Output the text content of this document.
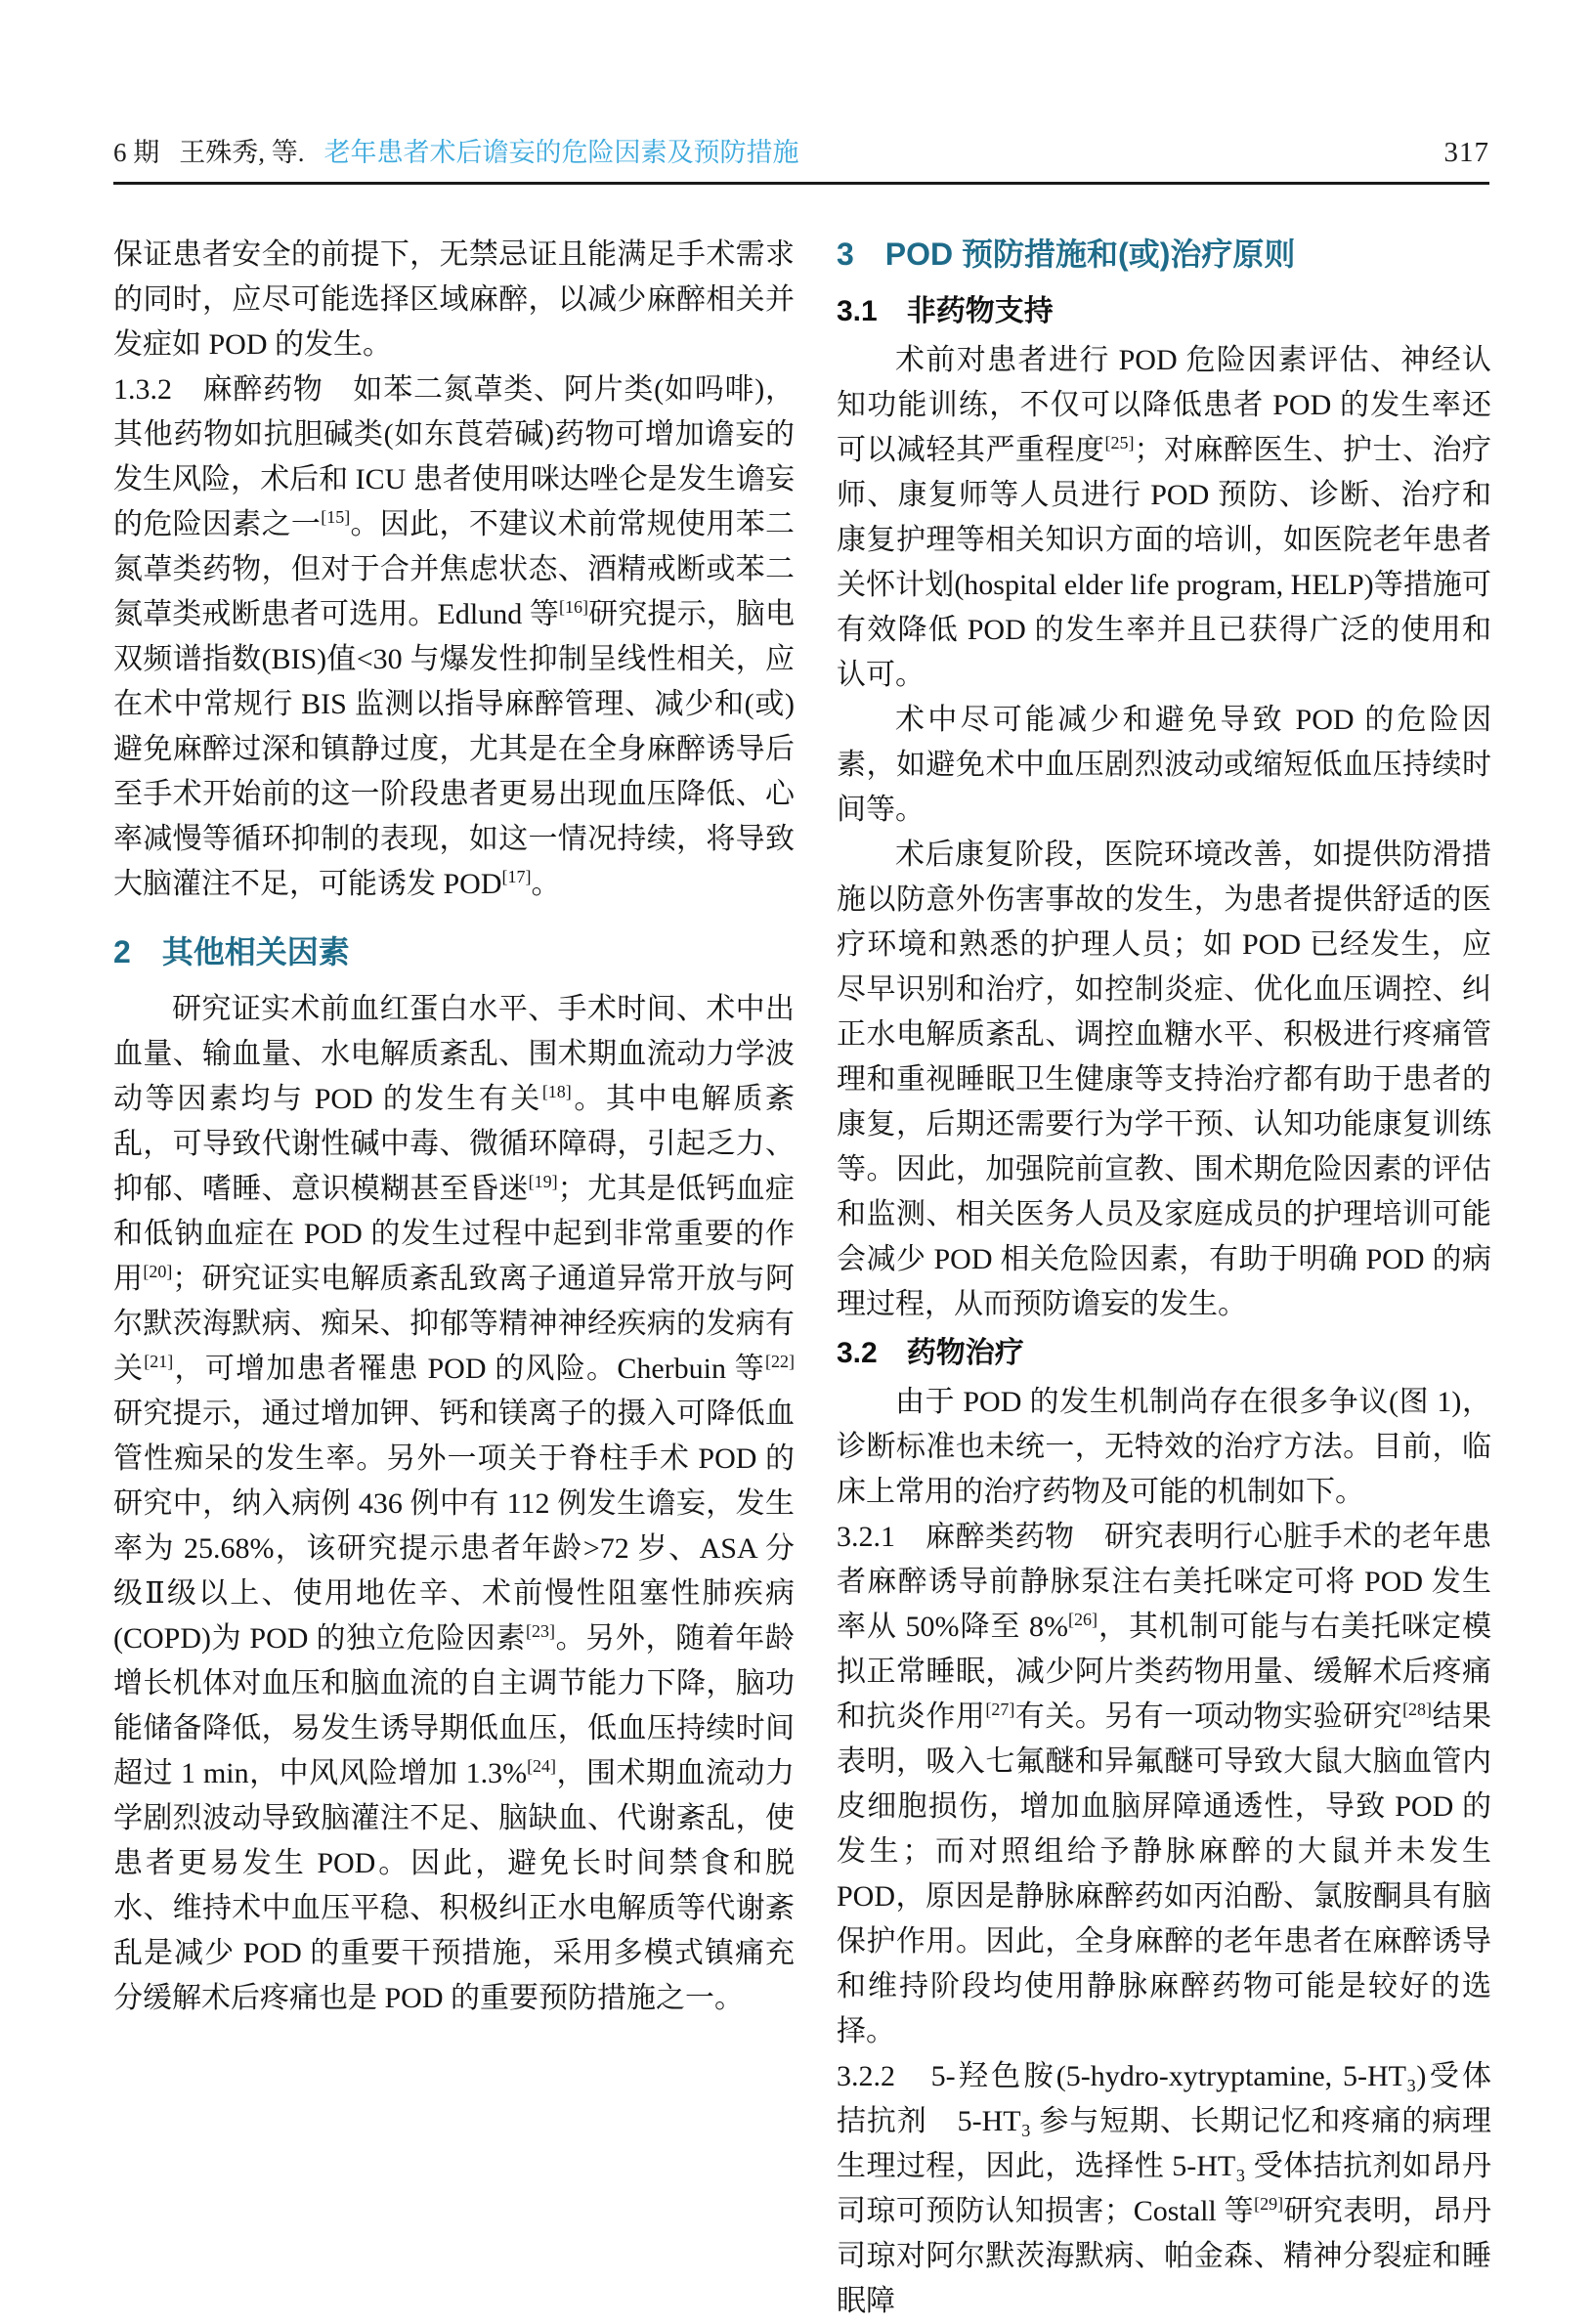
6 期 王殊秀, 等. 老年患者术后谵妄的危险因素及预防措施	317

保证患者安全的前提下，无禁忌证且能满足手术需求的同时，应尽可能选择区域麻醉，以减少麻醉相关并发症如 POD 的发生。

1.3.2　麻醉药物　如苯二氮䓬类、阿片类(如吗啡)，其他药物如抗胆碱类(如东莨菪碱)药物可增加谵妄的发生风险，术后和 ICU 患者使用咪达唑仑是发生谵妄的危险因素之一[15]。因此，不建议术前常规使用苯二氮䓬类药物，但对于合并焦虑状态、酒精戒断或苯二氮䓬类戒断患者可选用。Edlund 等[16]研究提示，脑电双频谱指数(BIS)值<30 与爆发性抑制呈线性相关，应在术中常规行 BIS 监测以指导麻醉管理、减少和(或)避免麻醉过深和镇静过度，尤其是在全身麻醉诱导后至手术开始前的这一阶段患者更易出现血压降低、心率减慢等循环抑制的表现，如这一情况持续，将导致大脑灌注不足，可能诱发 POD[17]。

2　其他相关因素

研究证实术前血红蛋白水平、手术时间、术中出血量、输血量、水电解质紊乱、围术期血流动力学波动等因素均与 POD 的发生有关[18]。其中电解质紊乱，可导致代谢性碱中毒、微循环障碍，引起乏力、抑郁、嗜睡、意识模糊甚至昏迷[19]；尤其是低钙血症和低钠血症在 POD 的发生过程中起到非常重要的作用[20]；研究证实电解质紊乱致离子通道异常开放与阿尔默茨海默病、痴呆、抑郁等精神神经疾病的发病有关[21]，可增加患者罹患 POD 的风险。Cherbuin 等[22]研究提示，通过增加钾、钙和镁离子的摄入可降低血管性痴呆的发生率。另外一项关于脊柱手术 POD 的研究中，纳入病例 436 例中有 112 例发生谵妄，发生率为 25.68%，该研究提示患者年龄>72 岁、ASA 分级Ⅱ级以上、使用地佐辛、术前慢性阻塞性肺疾病(COPD)为 POD 的独立危险因素[23]。另外，随着年龄增长机体对血压和脑血流的自主调节能力下降，脑功能储备降低，易发生诱导期低血压，低血压持续时间超过 1 min，中风风险增加 1.3%[24]，围术期血流动力学剧烈波动导致脑灌注不足、脑缺血、代谢紊乱，使患者更易发生 POD。因此，避免长时间禁食和脱水、维持术中血压平稳、积极纠正水电解质等代谢紊乱是减少 POD 的重要干预措施，采用多模式镇痛充分缓解术后疼痛也是 POD 的重要预防措施之一。

3　POD 预防措施和(或)治疗原则
3.1　非药物支持

术前对患者进行 POD 危险因素评估、神经认知功能训练，不仅可以降低患者 POD 的发生率还可以减轻其严重程度[25]；对麻醉医生、护士、治疗师、康复师等人员进行 POD 预防、诊断、治疗和康复护理等相关知识方面的培训，如医院老年患者关怀计划(hospital elder life program, HELP)等措施可有效降低 POD 的发生率并且已获得广泛的使用和认可。

术中尽可能减少和避免导致 POD 的危险因素，如避免术中血压剧烈波动或缩短低血压持续时间等。

术后康复阶段，医院环境改善，如提供防滑措施以防意外伤害事故的发生，为患者提供舒适的医疗环境和熟悉的护理人员；如 POD 已经发生，应尽早识别和治疗，如控制炎症、优化血压调控、纠正水电解质紊乱、调控血糖水平、积极进行疼痛管理和重视睡眠卫生健康等支持治疗都有助于患者的康复，后期还需要行为学干预、认知功能康复训练等。因此，加强院前宣教、围术期危险因素的评估和监测、相关医务人员及家庭成员的护理培训可能会减少 POD 相关危险因素，有助于明确 POD 的病理过程，从而预防谵妄的发生。

3.2　药物治疗

由于 POD 的发生机制尚存在很多争议(图 1)，诊断标准也未统一，无特效的治疗方法。目前，临床上常用的治疗药物及可能的机制如下。

3.2.1　麻醉类药物　研究表明行心脏手术的老年患者麻醉诱导前静脉泵注右美托咪定可将 POD 发生率从 50%降至 8%[26]，其机制可能与右美托咪定模拟正常睡眠，减少阿片类药物用量、缓解术后疼痛和抗炎作用[27]有关。另有一项动物实验研究[28]结果表明，吸入七氟醚和异氟醚可导致大鼠大脑血管内皮细胞损伤，增加血脑屏障通透性，导致 POD 的发生；而对照组给予静脉麻醉的大鼠并未发生 POD，原因是静脉麻醉药如丙泊酚、氯胺酮具有脑保护作用。因此，全身麻醉的老年患者在麻醉诱导和维持阶段均使用静脉麻醉药物可能是较好的选择。

3.2.2　5-羟色胺(5-hydro-xytryptamine, 5-HT₃)受体拮抗剂　5-HT₃ 参与短期、长期记忆和疼痛的病理生理过程，因此，选择性 5-HT₃ 受体拮抗剂如昂丹司琼可预防认知损害；Costall 等[29]研究表明，昂丹司琼对阿尔默茨海默病、帕金森、精神分裂症和睡眠障
